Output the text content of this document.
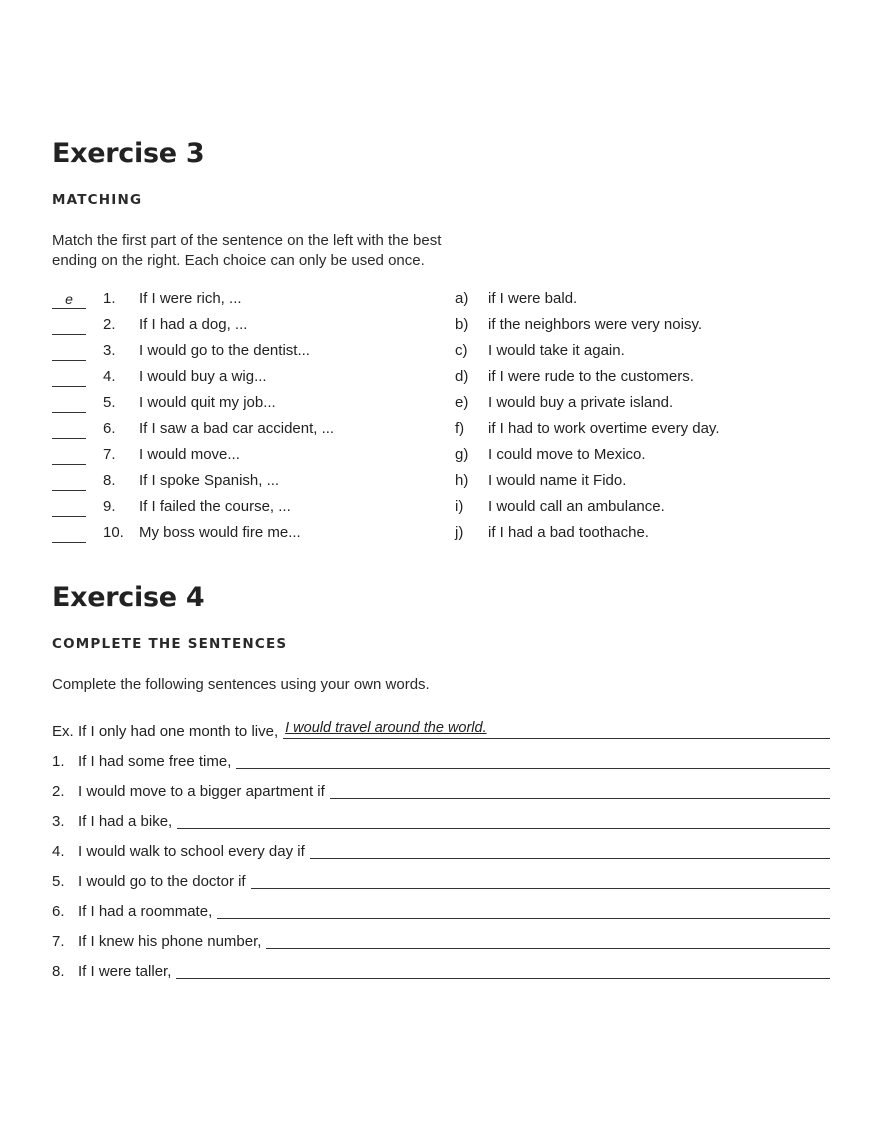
Exercise 3
MATCHING

Match the first part of the sentence on the left with the best
ending on the right. Each choice can only be used once.

e	1. If I were rich, ...
2. If I had a dog, ...
3. I would go to the dentist...
4. I would buy a wig...
5. I would quit my job...
6. If I saw a bad car accident, ...
7. I would move...
8. If I spoke Spanish, ...
9. If I failed the course, ...
10. My boss would fire me...
a) if I were bald.
b) if the neighbors were very noisy.
c) I would take it again.
d) if I were rude to the customers.
e) I would buy a private island.
f) if I had to work overtime every day.
g) I could move to Mexico.
h) I would name it Fido.
i) I would call an ambulance.
j) if I had a bad toothache.
Exercise 4
COMPLETE THE SENTENCES

Complete the following sentences using your own words.

Ex. If I only had one month to live, I would travel around the world.
1. If I had some free time,
2. I would move to a bigger apartment if
3. If I had a bike,
4. I would walk to school every day if
5. I would go to the doctor if
6. If I had a roommate,
7. If I knew his phone number,
8. If I were taller,
